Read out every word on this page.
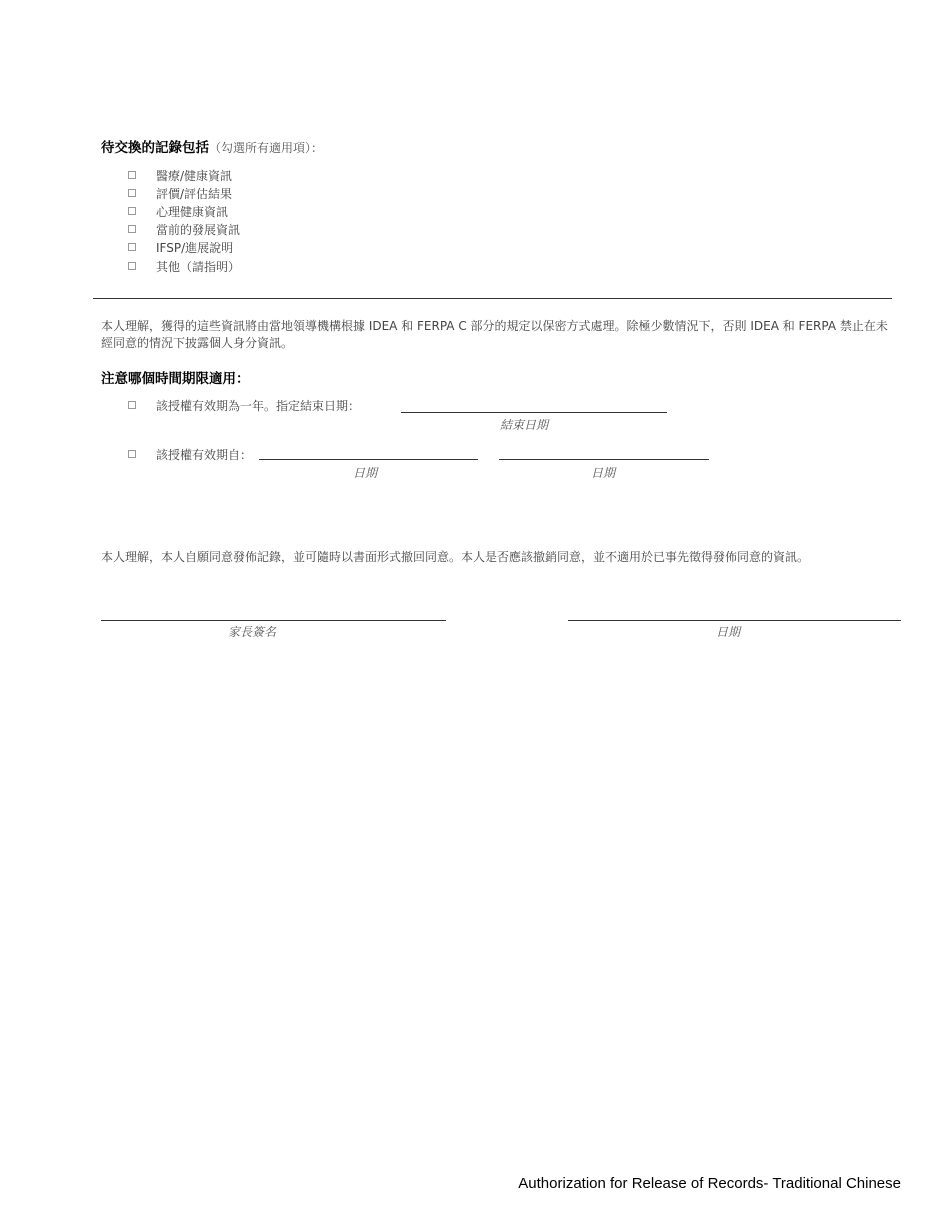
待交換的記錄包括（勾選所有適用項）：
醫療/健康資訊
評價/評估結果
心理健康資訊
當前的發展資訊
IFSP/進展說明
其他（請指明）
本人理解，獲得的這些資訊將由當地領導機構根據 IDEA 和 FERPA C 部分的規定以保密方式處理。除極少數情況下，否則 IDEA 和 FERPA 禁止在未經同意的情況下披露個人身分資訊。
注意哪個時間期限適用：
該授權有效期為一年。指定結束日期：
結束日期
該授權有效期自：
日期	日期
本人理解，本人自願同意發佈記錄，並可隨時以書面形式撤回同意。本人是否應該撤銷同意，並不適用於已事先徵得發佈同意的資訊。
家長簽名	日期
Authorization for Release of Records- Traditional Chinese
